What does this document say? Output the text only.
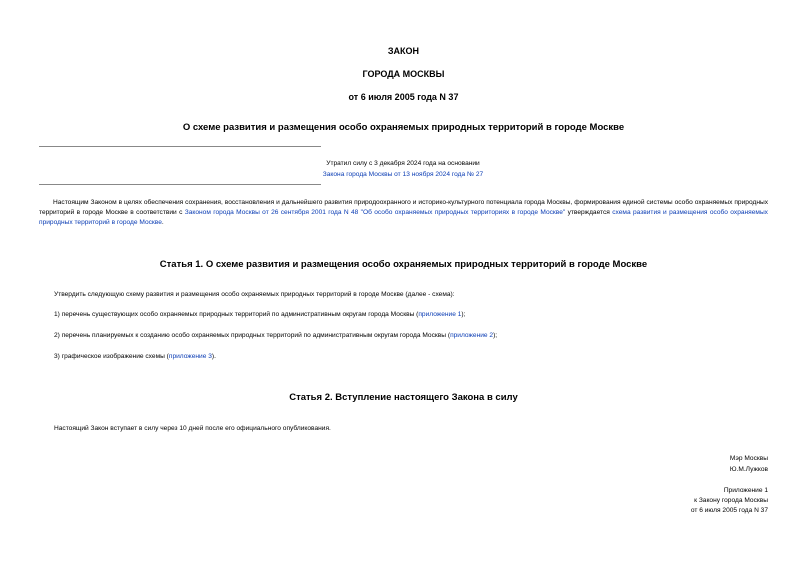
ЗАКОН
ГОРОДА МОСКВЫ
от 6 июля 2005 года N 37
О схеме развития и размещения особо охраняемых природных территорий в городе Москве
Утратил силу с 3 декабря 2024 года на основании
Закона города Москвы от 13 ноября 2024 года № 27
Настоящим Законом в целях обеспечения сохранения, восстановления и дальнейшего развития природоохранного и историко-культурного потенциала города Москвы, формирования единой системы особо охраняемых природных территорий в городе Москве в соответствии с Законом города Москвы от 26 сентября 2001 года N 48 "Об особо охраняемых природных территориях в городе Москве" утверждается схема развития и размещения особо охраняемых природных территорий в городе Москве.
Статья 1. О схеме развития и размещения особо охраняемых природных территорий в городе Москве
Утвердить следующую схему развития и размещения особо охраняемых природных территорий в городе Москве (далее - схема):
1) перечень существующих особо охраняемых природных территорий по административным округам города Москвы (приложение 1);
2) перечень планируемых к созданию особо охраняемых природных территорий по административным округам города Москвы (приложение 2);
3) графическое изображение схемы (приложение 3).
Статья 2. Вступление настоящего Закона в силу
Настоящий Закон вступает в силу через 10 дней после его официального опубликования.
Мэр Москвы
Ю.М.Лужков
Приложение 1
к Закону города Москвы
от 6 июля 2005 года N 37
